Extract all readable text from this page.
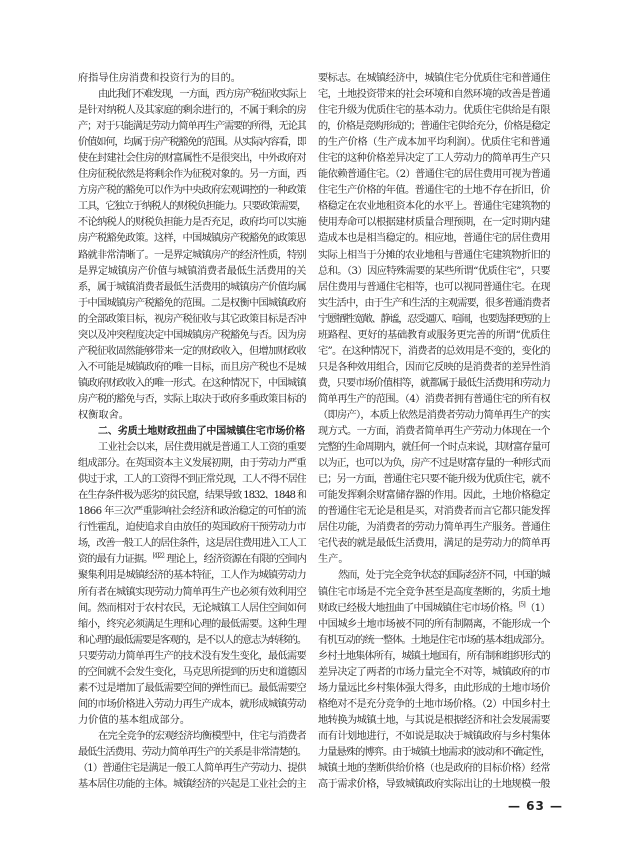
府指导住房消费和投资行为的目的。
由此我们不难发现，一方面，西方房产税征收实际上
是针对纳税人及其家庭的剩余进行的，不属于剩余的房
产；对于只能满足劳动力简单再生产需要的所得，无论其
价值如何，均属于房产税豁免的范围。从实际内容看，即
使在封建社会住房的财富属性不是很突出，中外政府对
住房征税依然是将剩余作为征税对象的。另一方面，西
方房产税的豁免可以作为中央政府宏观调控的一种政策
工具，它独立于纳税人的财税负担能力。只要政策需要，
不论纳税人的财税负担能力是否充足，政府均可以实施
房产税豁免政策。这样，中国城镇房产税豁免的政策思
路就非常清晰了。一是界定城镇房产的经济性质，特别
是界定城镇房产价值与城镇消费者最低生活费用的关
系，属于城镇消费者最低生活费用的城镇房产价值均属
于中国城镇房产税豁免的范围。二是权衡中国城镇政府
的全部政策目标，视房产税征收与其它政策目标是否冲
突以及冲突程度决定中国城镇房产税豁免与否。因为房
产税征收固然能够带来一定的财政收入，但增加财政收
入不可能是城镇政府的唯一目标，而且房产税也不是城
镇政府财政收入的唯一形式。在这种情况下，中国城镇
房产税的豁免与否，实际上取决于政府多重政策目标的
权衡取舍。
二、劣质土地财政扭曲了中国城镇住宅市场价格
工业社会以来，居住费用就是普通工人工资的重要
组成部分。在英国资本主义发展初期，由于劳动力严重
供过于求，工人的工资得不到正常兑现，工人不得不居住
在生存条件极为恶劣的贫民窟，结果导致 1832、1848 和
1866 年三次严重影响社会经济和政治稳定的可怕的流
行性霍乱，迫使追求自由放任的英国政府干预劳动力市
场，改善一般工人的居住条件，这是居住费用进入工人工
资的最有力证据。$^{[4]22}$ 理论上，经济资源在有限的空间内
聚集利用是城镇经济的基本特征，工人作为城镇劳动力
所有者在城镇实现劳动力简单再生产也必须有效利用空
间。然而相对于农村农民，无论城镇工人居住空间如何
缩小，终究必须满足生理和心理的最低需要。这种生理
和心理的最低需要是客观的，是不以人的意志为转移的。
只要劳动力简单再生产的技术没有发生变化，最低需要
的空间就不会发生变化，马克思所提到的历史和道德因
素不过是增加了最低需要空间的弹性而已。最低需要空
间的市场价格进入劳动力再生产成本，就形成城镇劳动
力价值的基本组成部分。
在完全竞争的宏观经济均衡模型中，住宅与消费者
最低生活费用、劳动力简单再生产的关系是非常清楚的。
（1）普通住宅是满足一般工人简单再生产劳动力、提供
基本居住功能的主体。城镇经济的兴起是工业社会的主
要标志。在城镇经济中，城镇住宅分优质住宅和普通住
宅，土地投资带来的社会环境和自然环境的改善是普通
住宅升级为优质住宅的基本动力。优质住宅供给是有限
的，价格是竞购形成的；普通住宅供给充分，价格是稳定
的生产价格（生产成本加平均利润）。优质住宅和普通
住宅的这种价格差异决定了工人劳动力的简单再生产只
能依赖普通住宅。（2）普通住宅的居住费用可视为普通
住宅生产价格的年值。普通住宅的土地不存在折旧，价
格稳定在农业地租资本化的水平上。普通住宅建筑物的
使用寿命可以根据建材质量合理预期，在一定时期内建
造成本也是相当稳定的。相应地，普通住宅的居住费用
实际上相当于分摊的农业地租与普通住宅建筑物折旧的
总和。（3）因应特殊需要的某些所谓“优质住宅”，只要
居住费用与普通住宅相等，也可以视同普通住宅。在现
实生活中，由于生产和生活的主观需要，很多普通消费者
宁愿牺牲宽敞、静谧，忍受逼仄、喧闹，也要选择更短的上
班路程、更好的基础教育或服务更完善的所谓“优质住
宅”。在这种情况下，消费者的总效用是不变的，变化的
只是各种效用组合，因而它反映的是消费者的差异性消
费，只要市场价值相等，就都属于最低生活费用和劳动力
简单再生产的范围。（4）消费者拥有普通住宅的所有权
（即房产），本质上依然是消费者劳动力简单再生产的实
现方式。一方面，消费者简单再生产劳动力体现在一个
完整的生命周期内，就任何一个时点来说，其财富存量可
以为正，也可以为负，房产不过是财富存量的一种形式而
已；另一方面，普通住宅只要不能升级为优质住宅，就不
可能发挥剩余财富储存器的作用。因此，土地价格稳定
的普通住宅无论是租是买，对消费者而言它都只能发挥
居住功能，为消费者的劳动力简单再生产服务。普通住
宅代表的就是最低生活费用，满足的是劳动力的简单再
生产。
然而，处于完全竞争状态的国际经济不同，中国的城
镇住宅市场是不完全竞争甚至是高度垄断的，劣质土地
财政已经极大地扭曲了中国城镇住宅市场价格。[5]（1）
中国城乡土地市场被不同的所有制隔离，不能形成一个
有机互动的统一整体。土地是住宅市场的基本组成部分。
乡村土地集体所有，城镇土地国有，所有制和组织形式的
差异决定了两者的市场力量完全不对等，城镇政府的市
场力量远比乡村集体强大得多，由此形成的土地市场价
格绝对不是充分竞争的土地市场价格。（2）中国乡村土
地转换为城镇土地，与其说是根据经济和社会发展需要
而有计划地进行，不如说是取决于城镇政府与乡村集体
力量悬殊的博弈。由于城镇土地需求的波动和不确定性，
城镇土地的垄断供给价格（也是政府的目标价格）经常
高于需求价格，导致城镇政府实际出让的土地规模一般
— 63 —
